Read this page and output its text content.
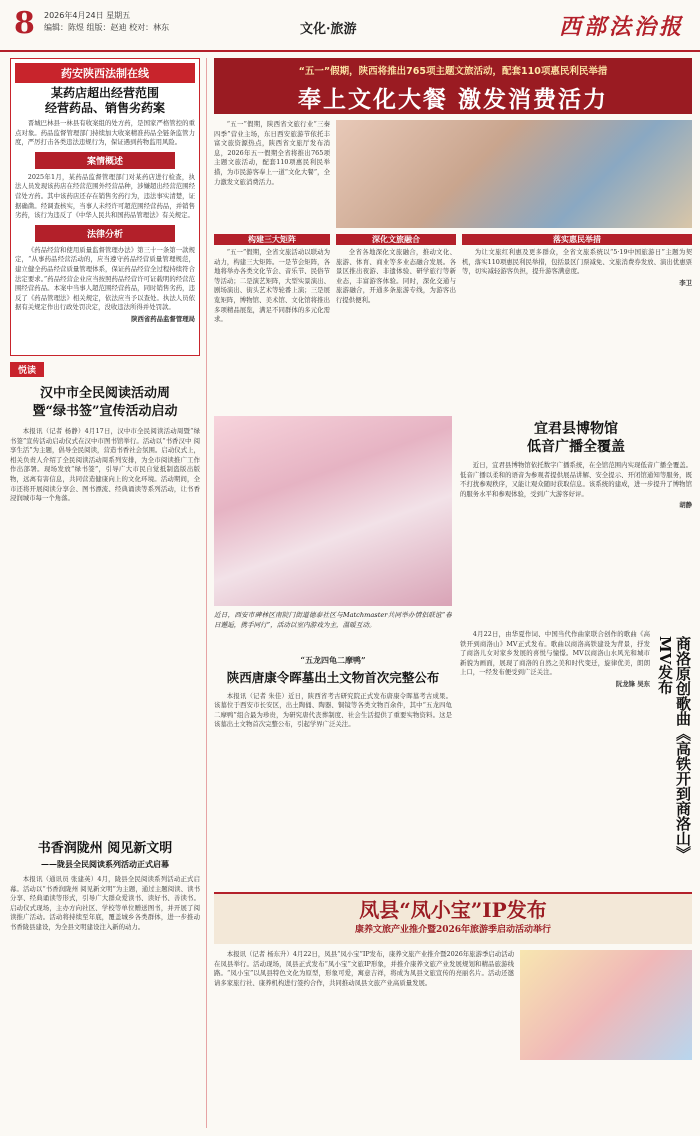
8 2026年4月24日 星期五
编辑：陈煜 组版：赵迪 校对：林东	文化·旅游	西部法治报
药安陕西法制在线
某药店超出经营范围
经营药品、销售劣药案

晋城巴林县一林县有收案组的处方药，是国家严格管控的重点对象。药品监督管理部门持续加大收案精准药品全链条监管力度，严厉打击各类违法违规行为，保证遇到药物监用风险。

案情概述

2025年1月，某药品监督管理部门对某药店进行检查，执法人员发现该药店在经营范围外经营品种，涉嫌超出经营范围经营处方药。其中该药店还存在销售劣药行为，违法事实清楚，证据确凿。经调查核实，当事人未经许可超范围经营药品，并销售劣药，该行为违反了《中华人民共和国药品管理法》有关规定。

法律分析

《药品经营和使用质量监督管理办法》第三十一条第一款规定，“从事药品经营活动的，应当遵守药品经营质量管理规范，建立健全药品经营质量管理体系，保证药品经营全过程持续符合法定要求。”药品经营企业应当按照药品经营许可证载明的经营范围经营药品。本案中当事人超范围经营药品，同时销售劣药，违反了《药品管理法》相关规定，依法应当予以查处。执法人员依据有关规定作出行政处罚决定，没收违法所得并处罚款。

陕西省药品监督管理局
悦读
汉中市全民阅读活动周
暨“绿书签”宣传活动启动

本报讯（记者 杨静）4月17日，汉中市全民阅读活动周暨“绿书签”宣传活动启动仪式在汉中市图书馆举行。活动以“书香汉中 阅享生活”为主题，倡导全民阅读，营造书香社会氛围。启动仪式上，相关负责人介绍了全民阅读活动周系列安排，为全市阅读推广工作作出部署。现场发放“绿书签”，引导广大市民自觉抵制盗版出版物，远离有害信息，共同营造健康向上的文化环境。活动期间，全市还将开展阅读分享会、图书漂流、经典诵读等系列活动，让书香浸润城市每一个角落。

书香润陇州 阅见新文明
——陇县全民阅读系列活动正式启幕

本报讯（通讯员 张建英）4月，陇县全民阅读系列活动正式启幕。活动以“书香润陇州 阅见新文明”为主题，通过主题阅读、读书分享、经典诵读等形式，引导广大群众爱读书、读好书、善读书。启动仪式现场，主办方向社区、学校等单位赠送图书，并开展了阅读推广活动。活动将持续至年底，覆盖城乡各类群体，进一步推动书香陇县建设，为全县文明建设注入新的动力。

“五一”假期，陕西将推出765项主题文旅活动，配套110项惠民利民举措
奉上文化大餐 激发消费活力

“五一”假期，陕西省文旅行业“三秦四季”营业主场，东日西安旅游节依托丰富文旅资源热点，陕西省文旅厅发布消息，2026年五一假期全省将推出765项主题文旅活动，配套110项惠民利民举措，为市民游客奉上一道“文化大餐”，全力激发文旅消费活力。

构建三大矩阵

“五一”假期，全省文旅活动以联动为动力，构建三大矩阵。一是节会矩阵，各地将举办各类文化节会、音乐节、民俗节等活动；二是演艺矩阵，大型实景演出、剧场演出、街头艺术等轮番上演；三是展览矩阵，博物馆、美术馆、文化馆将推出多项精品展览，满足不同群体的多元化需求。

深化文旅融合

全省各地深化文旅融合，推动文化、旅游、体育、商业等多业态融合发展。各景区推出夜游、非遗体验、研学旅行等新业态，丰富游客体验。同时，深化交通与旅游融合，开通多条旅游专线，为游客出行提供便利。

落实惠民举措

为让文旅红利惠及更多群众，全省文旅系统以“5·19中国旅游日”主题为契机，落实110项惠民利民举措，包括景区门票减免、文旅消费券发放、演出优惠票等，切实减轻游客负担，提升游客满意度。

李卫
近日，西安市碑林区南院门街道德泰社区与Matchmaster共同举办情侣联谊“春日邂逅，携手同行”，活动以室内游戏为主，温暖互动。
宜君县博物馆
低音广播全覆盖

近日，宜君县博物馆依托数字广播系统，在全馆范围内实现低音广播全覆盖。低音广播以柔和的语音为参观者提供展品讲解、安全提示、开闭馆通知等服务，既不打扰参观秩序，又能让观众随时获取信息。该系统的建成，进一步提升了博物馆的服务水平和参观体验，受到广大游客好评。

胡静
“五龙四龟二摩鸭”
陕西唐康令晖墓出土文物首次完整公布

本报讯（记者 朱佳）近日，陕西省考古研究院正式发布唐康令晖墓考古成果。该墓位于西安市长安区，出土陶俑、陶器、铜镜等各类文物百余件，其中“五龙四龟二摩鸭”组合最为珍贵，为研究唐代丧葬制度、社会生活提供了重要实物资料。这是该墓出土文物首次完整公布，引起学界广泛关注。

4月22日，由华夏作词、中国当代作曲家联合创作的歌曲《高铁开到商洛山》MV正式发布。歌曲以商洛高铁建设为背景，抒发了商洛儿女对家乡发展的喜悦与憧憬。MV以商洛山水风光和城市新貌为画面，展现了商洛的自然之美和时代变迁，旋律优美，朗朗上口，一经发布便受到广泛关注。

阮龙锋 吴东	商洛原创歌曲《高铁开到商洛山》MV发布
凤县“凤小宝”IP发布
康养文旅产业推介暨2026年旅游季启动活动举行

本报讯（记者 杨东升）4月22日，凤县“凤小宝”IP发布，康养文旅产业推介暨2026年旅游季启动活动在凤县举行。活动现场，凤县正式发布“凤小宝”文旅IP形象，并推介康养文旅产业发展规划和精品旅游线路。“凤小宝”以凤县特色文化为原型，形象可爱，寓意吉祥，将成为凤县文旅宣传的亮丽名片。活动还邀请多家旅行社、康养机构进行签约合作，共同推动凤县文旅产业高质量发展。
